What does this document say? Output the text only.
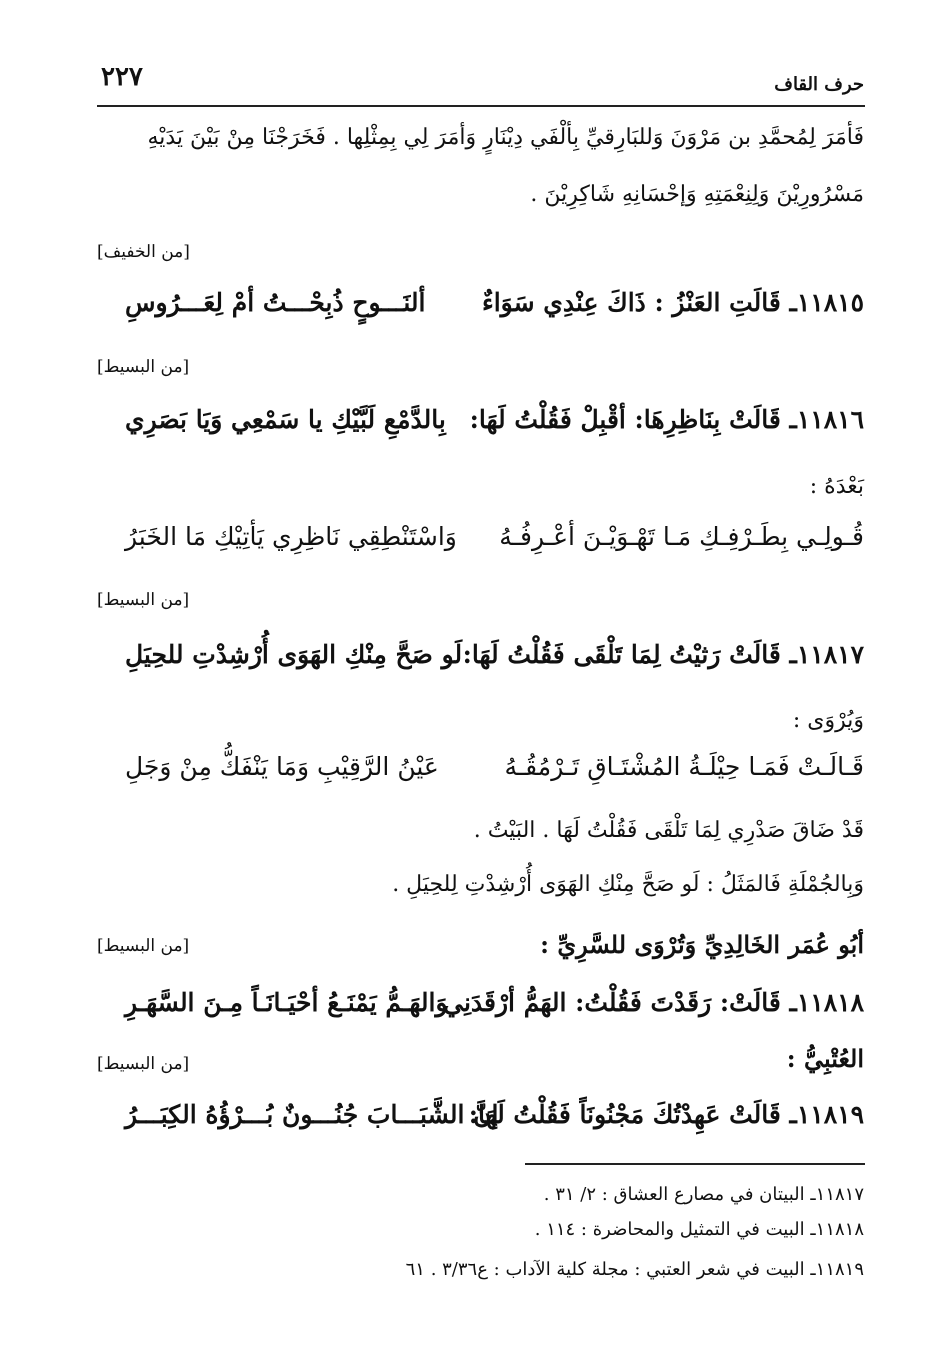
٢٢٧	حرف القاف
فَأمَرَ لِمُحمَّدِ بن مَرْوَنَ وَللبَارِقيِّ بِألْفَي دِيْنَارٍ وَأمَرَ لِي بِمِثْلِها . فَخَرَجْنَا مِنْ بَيْنَ يَدَيْهِ
مَسْرُورِيْنَ وَلِنِعْمَتِهِ وَإحْسَانِهِ شَاكِرِيْنَ .
[من الخفيف]
١١٨١٥ـ قَالَتِ العَنْزُ : ذَاكَ عِنْدِي سَوَاءٌ
ألنَـــوحٍ ذُبِحْـــتُ أمْ لِعَـــرُوسِ
[من البسيط]
١١٨١٦ـ قَالَتْ بِنَاظِرِهَا: أقْبِلْ فَقُلْتُ لَهَا:
بِالدَّمْعِ لَبَّيْكِ يا سَمْعِي وَيَا بَصَرِي
بَعْدَهُ :
قُـولِـي بِطَـرْفِـكِ مَـا تَهْـوَيْـنَ أعْـرِفُـهُ
وَاسْتَنْطِقِي نَاظِرِي يَأتِيْكِ مَا الخَبَرُ
[من البسيط]
١١٨١٧ـ قَالَتْ رَثيْتُ لِمَا تَلْقَى فَقُلْتُ لَهَا:
لَو صَحَّ مِنْكِ الهَوَى أُرْشِدْتِ للحِيَلِ
وَيُرْوَى :
قَـالَـتْ فَمَـا حِيْلَـةُ المُشْتَـاقِ تَـرْمُقُـهُ
عَيْنُ الرَّقِيْبِ وَمَا يَنْفَكُّ مِنْ وَجَلِ
قَدْ ضَاقَ صَدْرِي لِمَا تَلْقَى فَقُلْتُ لَهَا . البَيْتُ .
وَبِالجُمْلَةِ فَالمَثَلُ : لَو صَحَّ مِنْكِ الهَوَى أُرْشِدْتِ لِلحِيَلِ .
أبُو عُمَر الخَالِدِيِّ وَتُرْوَى للسَّرِيِّ :
[من البسيط]
١١٨١٨ـ قَالَتْ: رَقَدْتَ فَقُلْتُ: الهَمُّ أرْقَدَنِي
وَالهَـمُّ يَمْنَـعُ أحْيَـانَـاً مِـنَ السَّهَـرِ
العُتْبِيُّ :
[من البسيط]
١١٨١٩ـ قَالَتْ عَهِدْتُكَ مَجْنُونَاً فَقُلْتُ لَهَا:
إنَّ الشَّبَـــابَ جُنُـــونٌ بُـــرْؤُهُ الكِبَـــرُ
١١٨١٧ـ البيتان في مصارع العشاق : ٢/ ٣١ .
١١٨١٨ـ البيت في التمثيل والمحاضرة : ١١٤ .
١١٨١٩ـ البيت في شعر العتبي : مجلة كلية الآداب : ع٣/٣٦ . ٦١
